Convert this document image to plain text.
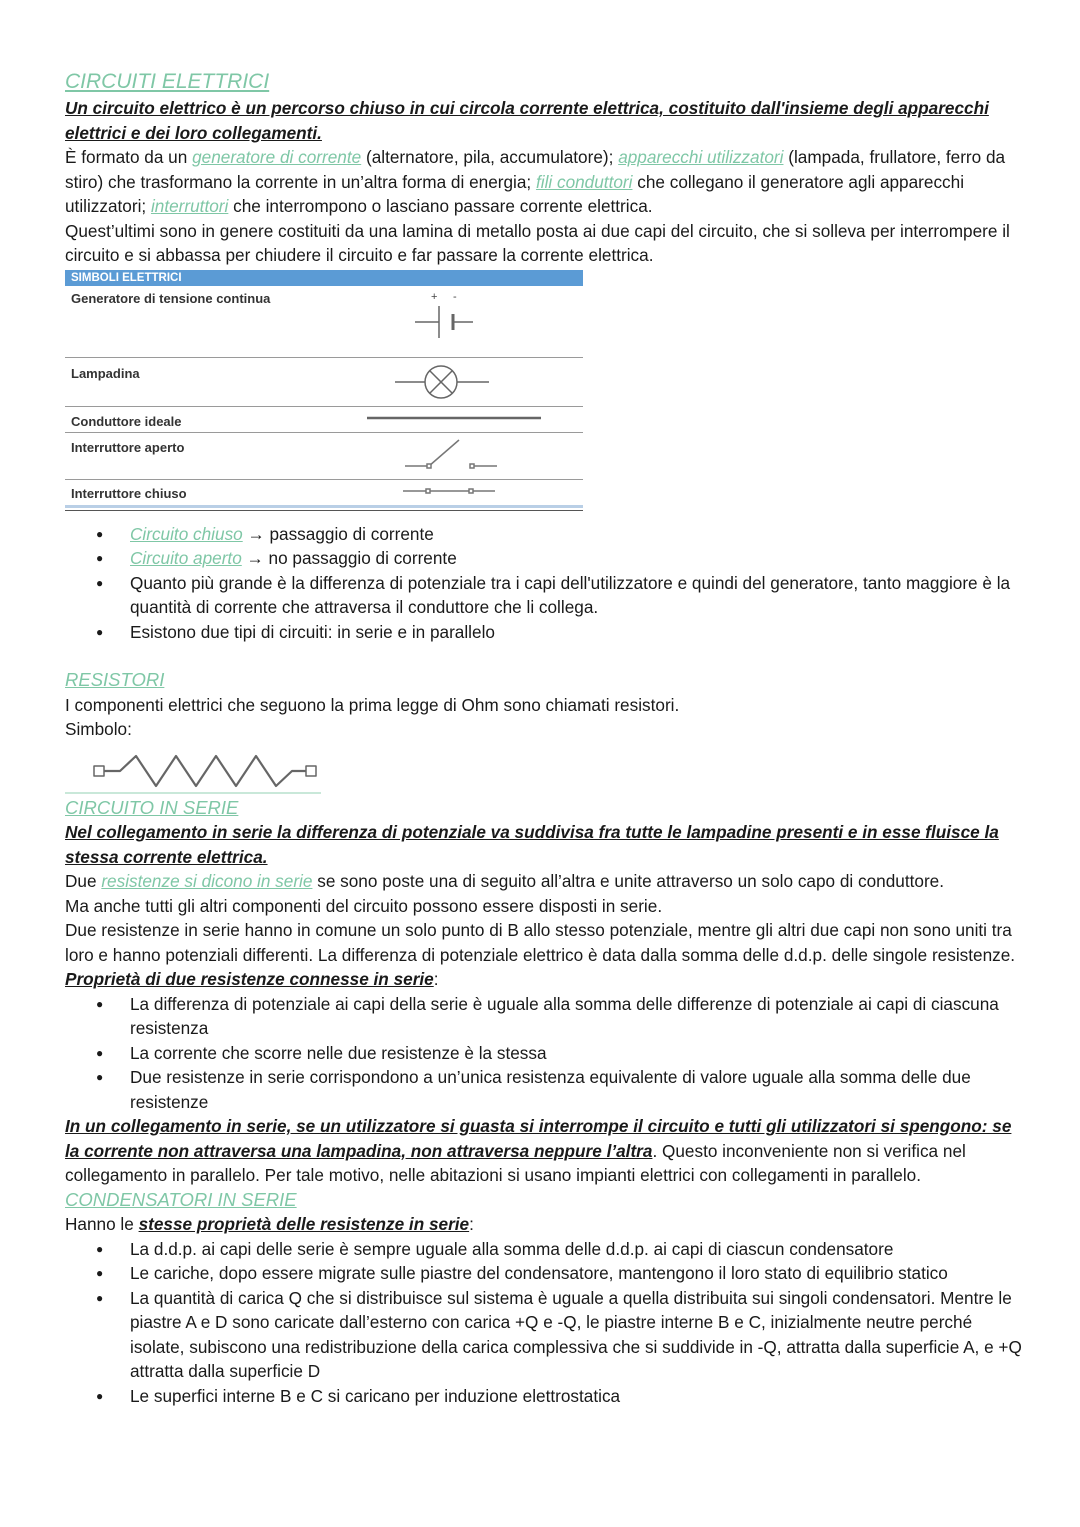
CIRCUITI ELETTRICI

Un circuito elettrico è un percorso chiuso in cui circola corrente elettrica, costituito dall'insieme degli apparecchi elettrici e dei loro collegamenti.

È formato da un generatore di corrente (alternatore, pila, accumulatore); apparecchi utilizzatori (lampada, frullatore, ferro da stiro) che trasformano la corrente in un’altra forma di energia; fili conduttori che collegano il generatore agli apparecchi utilizzatori; interruttori che interrompono o lasciano passare corrente elettrica.

Quest’ultimi sono in genere costituiti da una lamina di metallo posta ai due capi del circuito, che si solleva per interrompere il circuito e si abbassa per chiudere il circuito e far passare la corrente elettrica.

SIMBOLI ELETTRICI
Generatore di tensione continua
Lampadina
Conduttore ideale
Interruttore aperto
Interruttore chiuso
+ -
● Circuito chiuso → passaggio di corrente
● Circuito aperto → no passaggio di corrente
● Quanto più grande è la differenza di potenziale tra i capi dell'utilizzatore e quindi del generatore, tanto maggiore è la quantità di corrente che attraversa il conduttore che li collega.
● Esistono due tipi di circuiti: in serie e in parallelo

RESISTORI

I componenti elettrici che seguono la prima legge di Ohm sono chiamati resistori.

Simbolo:

CIRCUITO IN SERIE

Nel collegamento in serie la differenza di potenziale va suddivisa fra tutte le lampadine presenti e in esse fluisce la stessa corrente elettrica.

Due resistenze si dicono in serie se sono poste una di seguito all’altra e unite attraverso un solo capo di conduttore.

Ma anche tutti gli altri componenti del circuito possono essere disposti in serie.

Due resistenze in serie hanno in comune un solo punto di B allo stesso potenziale, mentre gli altri due capi non sono uniti tra loro e hanno potenziali differenti. La differenza di potenziale elettrico è data dalla somma delle d.d.p. delle singole resistenze.

Proprietà di due resistenze connesse in serie:

● La differenza di potenziale ai capi della serie è uguale alla somma delle differenze di potenziale ai capi di ciascuna resistenza
● La corrente che scorre nelle due resistenze è la stessa
● Due resistenze in serie corrispondono a un’unica resistenza equivalente di valore uguale alla somma delle due resistenze

In un collegamento in serie, se un utilizzatore si guasta si interrompe il circuito e tutti gli utilizzatori si spengono: se la corrente non attraversa una lampadina, non attraversa neppure l’altra. Questo inconveniente non si verifica nel collegamento in parallelo. Per tale motivo, nelle abitazioni si usano impianti elettrici con collegamenti in parallelo.

CONDENSATORI IN SERIE

Hanno le stesse proprietà delle resistenze in serie:

● La d.d.p. ai capi delle serie è sempre uguale alla somma delle d.d.p. ai capi di ciascun condensatore
● Le cariche, dopo essere migrate sulle piastre del condensatore, mantengono il loro stato di equilibrio statico
● La quantità di carica Q che si distribuisce sul sistema è uguale a quella distribuita sui singoli condensatori. Mentre le piastre A e D sono caricate dall’esterno con carica +Q e -Q, le piastre interne B e C, inizialmente neutre perché isolate, subiscono una redistribuzione della carica complessiva che si suddivide in -Q, attratta dalla superficie A, e +Q attratta dalla superficie D
● Le superfici interne B e C si caricano per induzione elettrostatica
